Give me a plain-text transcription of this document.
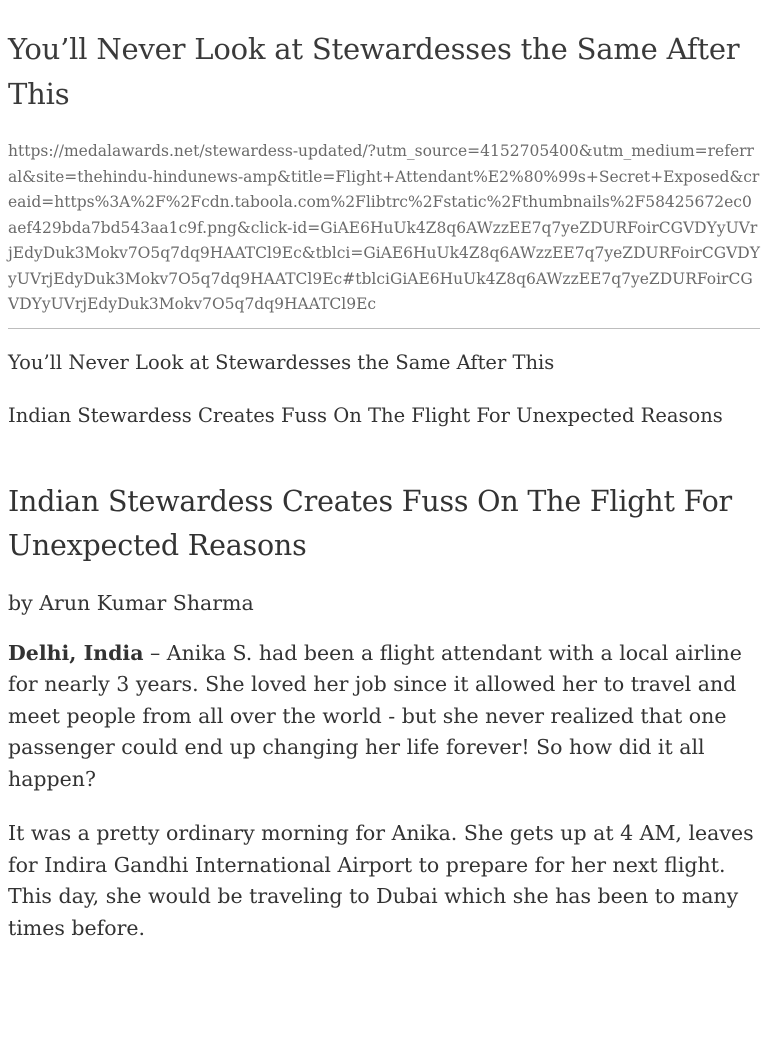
You’ll Never Look at Stewardesses the Same After This
https://medalawards.net/stewardess-updated/?utm_source=4152705400&utm_medium=referral&site=thehindu-hindunews-amp&title=Flight+Attendant%E2%80%99s+Secret+Exposed&creaid=https%3A%2F%2Fcdn.taboola.com%2Flibtrc%2Fstatic%2Fthumbnails%2F58425672ec0aef429bda7bd543aa1c9f.png&click-id=GiAE6HuUk4Z8q6AWzzEE7q7yeZDURFoirCGVDYyUVrjEdyDuk3Mokv7O5q7dq9HAATCl9Ec&tblci=GiAE6HuUk4Z8q6AWzzEE7q7yeZDURFoirCGVDYyUVrjEdyDuk3Mokv7O5q7dq9HAATCl9Ec#tblciGiAE6HuUk4Z8q6AWzzEE7q7yeZDURFoirCGVDYyUVrjEdyDuk3Mokv7O5q7dq9HAATCl9Ec

You’ll Never Look at Stewardesses the Same After This

Indian Stewardess Creates Fuss On The Flight For Unexpected Reasons

Indian Stewardess Creates Fuss On The Flight For Unexpected Reasons

by Arun Kumar Sharma

Delhi, India – Anika S. had been a flight attendant with a local airline for nearly 3 years. She loved her job since it allowed her to travel and meet people from all over the world - but she never realized that one passenger could end up changing her life forever! So how did it all happen?

It was a pretty ordinary morning for Anika. She gets up at 4 AM, leaves for Indira Gandhi International Airport to prepare for her next flight. This day, she would be traveling to Dubai which she has been to many times before.
